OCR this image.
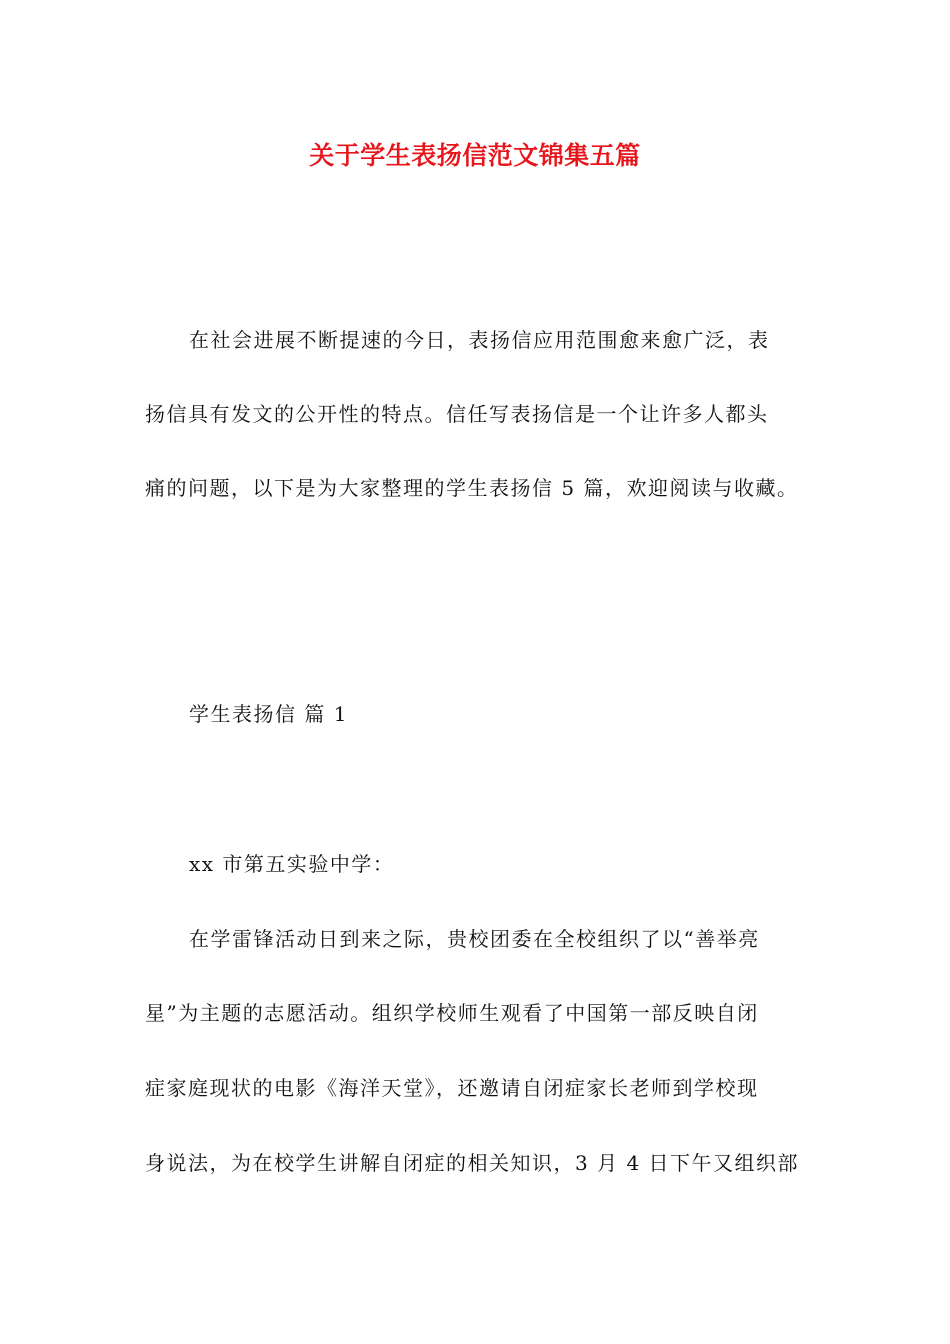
关于学生表扬信范文锦集五篇
在社会进展不断提速的今日，表扬信应用范围愈来愈广泛，表
扬信具有发文的公开性的特点。信任写表扬信是一个让许多人都头
痛的问题，以下是为大家整理的学生表扬信 5 篇，欢迎阅读与收藏。
学生表扬信 篇 1
xx 市第五实验中学：
在学雷锋活动日到来之际，贵校团委在全校组织了以“善举亮
星”为主题的志愿活动。组织学校师生观看了中国第一部反映自闭
症家庭现状的电影《海洋天堂》，还邀请自闭症家长老师到学校现
身说法，为在校学生讲解自闭症的相关知识，3 月 4 日下午又组织部
